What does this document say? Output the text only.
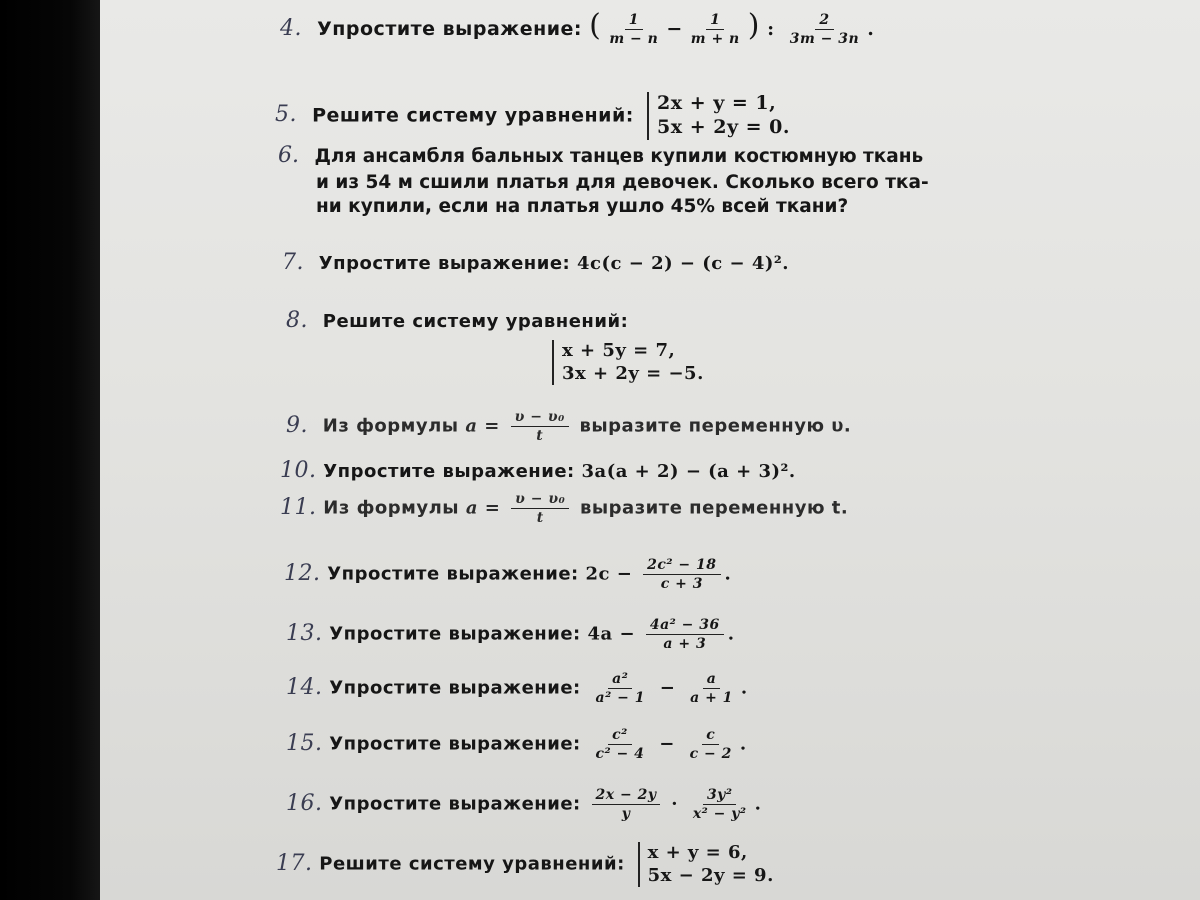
4. Упростите выражение: ( $\frac{1}{m - n} - \frac{1}{m + n}$ ) : $\frac{2}{3m - 3n}$ .
5. Решите систему уравнений:
2x + y = 1,
5x + 2y = 0.
6. Для ансамбля бальных танцев купили костюмную ткань
и из 54 м сшили платья для девочек. Сколько всего тка-
ни купили, если на платья ушло 45% всей ткани?
7. Упростите выражение: 4c(c − 2) − (c − 4)².
8. Решите систему уравнений:
x + 5y = 7,
3x + 2y = −5.
9. Из формулы $a = \frac{\text{υ − υ₀}}{t}$ выразите переменную υ.
10. Упростите выражение: 3a(a + 2) − (a + 3)².
11. Из формулы $a = \frac{\text{υ − υ₀}}{t}$ выразите переменную t.
12. Упростите выражение: $2c - \frac{\text{2c² − 18}}{c + 3}$ .
13. Упростите выражение: $4a - \frac{\text{4a² − 36}}{a + 3}$ .
14. Упростите выражение: $\frac{\text{a²}}{\text{a² − 1}} - \frac{a}{a + 1}$ .
15. Упростите выражение: $\frac{\text{c²}}{\text{c² − 4}} - \frac{c}{c - 2}$ .
16. Упростите выражение: $\frac{2x - 2y}{y} \cdot \frac{\text{3y²}}{\text{x² − y²}}$ .
17. Решите систему уравнений:
x + y = 6,
5x − 2y = 9.
